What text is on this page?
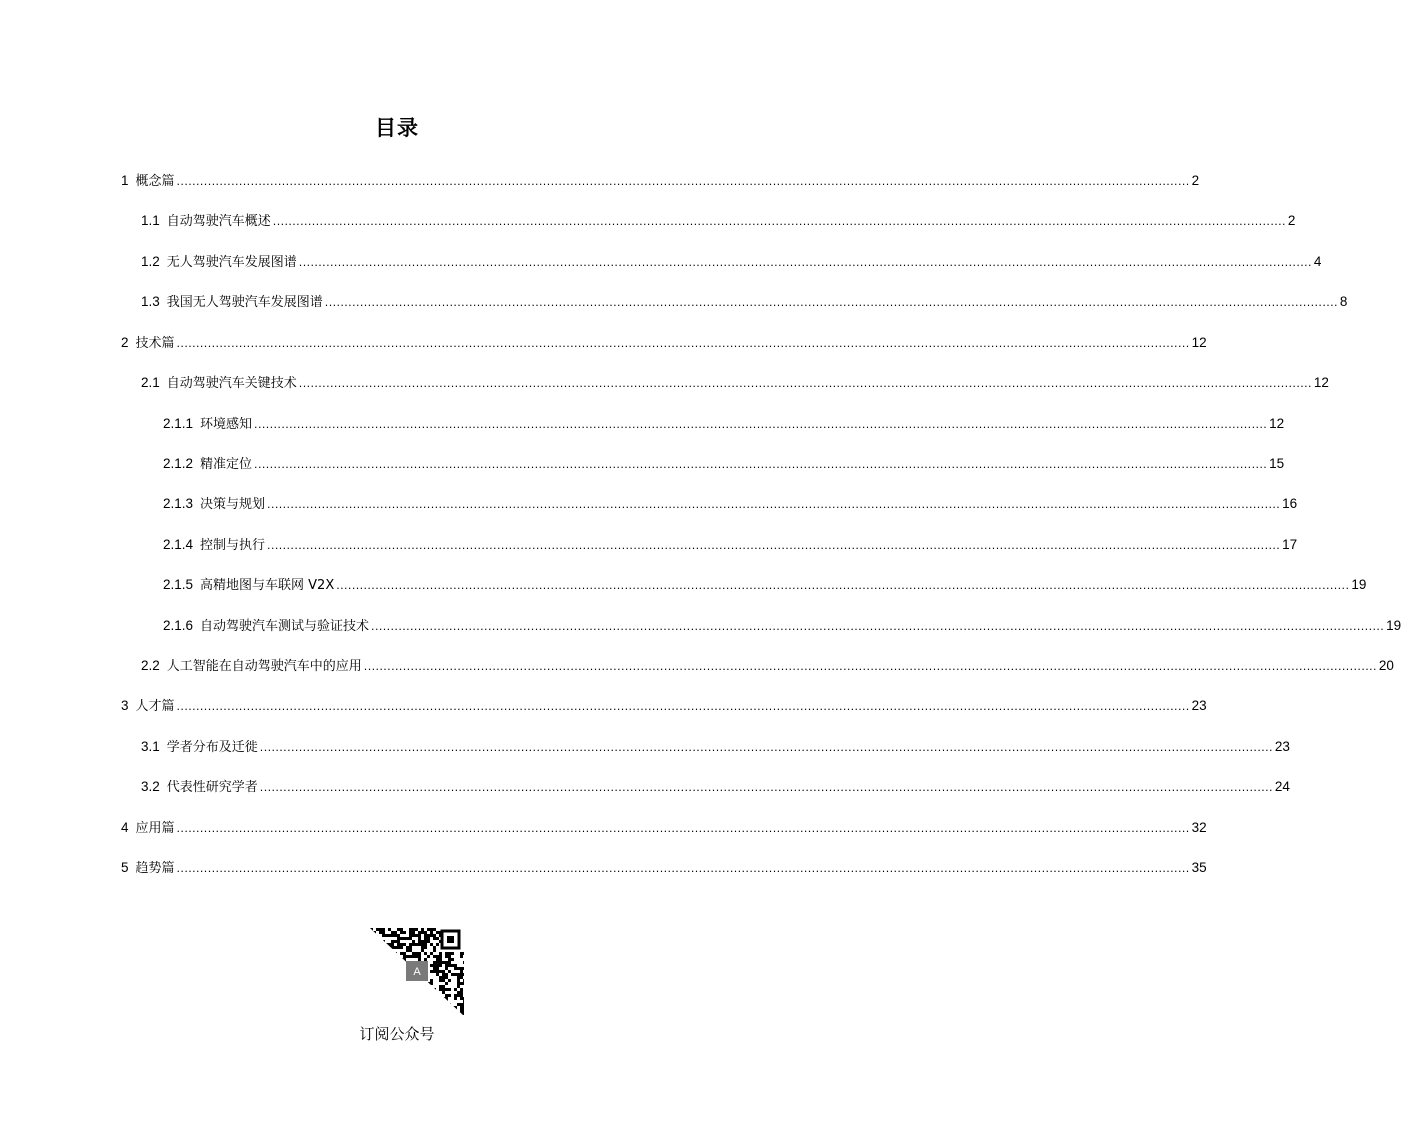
目录
1 概念篇 .................................................................................................................................................................................................................................................................... 2
1.1 自动驾驶汽车概述 .................................................................................................................................................................................................................................................................... 2
1.2 无人驾驶汽车发展图谱 .................................................................................................................................................................................................................................................................... 4
1.3 我国无人驾驶汽车发展图谱 .................................................................................................................................................................................................................................................................... 8
2 技术篇 .................................................................................................................................................................................................................................................................... 12
2.1 自动驾驶汽车关键技术 .................................................................................................................................................................................................................................................................... 12
2.1.1 环境感知 .................................................................................................................................................................................................................................................................... 12
2.1.2 精准定位 .................................................................................................................................................................................................................................................................... 15
2.1.3 决策与规划 .................................................................................................................................................................................................................................................................... 16
2.1.4 控制与执行 .................................................................................................................................................................................................................................................................... 17
2.1.5 高精地图与车联网 V2X .................................................................................................................................................................................................................................................................... 19
2.1.6 自动驾驶汽车测试与验证技术 .................................................................................................................................................................................................................................................................... 19
2.2 人工智能在自动驾驶汽车中的应用 .................................................................................................................................................................................................................................................................... 20
3 人才篇 .................................................................................................................................................................................................................................................................... 23
3.1 学者分布及迁徙 .................................................................................................................................................................................................................................................................... 23
3.2 代表性研究学者 .................................................................................................................................................................................................................................................................... 24
4 应用篇 .................................................................................................................................................................................................................................................................... 32
5 趋势篇 .................................................................................................................................................................................................................................................................... 35
A
订阅公众号
